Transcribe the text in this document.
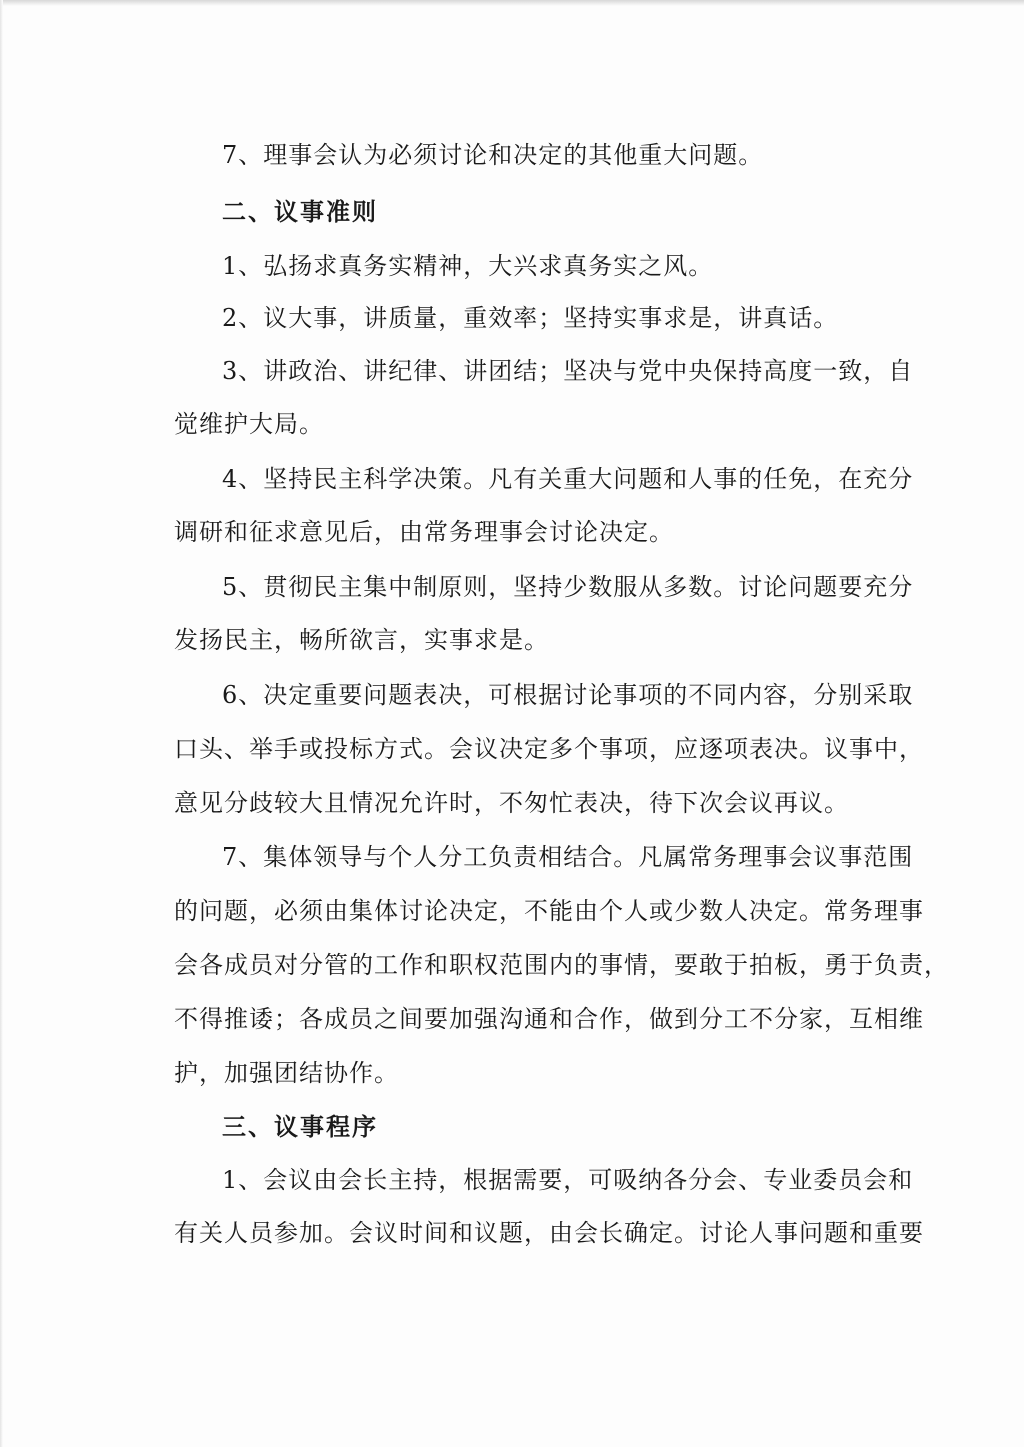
7、理事会认为必须讨论和决定的其他重大问题。
二、议事准则
1、弘扬求真务实精神，大兴求真务实之风。
2、议大事，讲质量，重效率；坚持实事求是，讲真话。
3、讲政治、讲纪律、讲团结；坚决与党中央保持高度一致，自
觉维护大局。
4、坚持民主科学决策。凡有关重大问题和人事的任免，在充分
调研和征求意见后，由常务理事会讨论决定。
5、贯彻民主集中制原则，坚持少数服从多数。讨论问题要充分
发扬民主，畅所欲言，实事求是。
6、决定重要问题表决，可根据讨论事项的不同内容，分别采取
口头、举手或投标方式。会议决定多个事项，应逐项表决。议事中，
意见分歧较大且情况允许时，不匆忙表决，待下次会议再议。
7、集体领导与个人分工负责相结合。凡属常务理事会议事范围
的问题，必须由集体讨论决定，不能由个人或少数人决定。常务理事
会各成员对分管的工作和职权范围内的事情，要敢于拍板，勇于负责，
不得推诿；各成员之间要加强沟通和合作，做到分工不分家，互相维
护，加强团结协作。
三、议事程序
1、会议由会长主持，根据需要，可吸纳各分会、专业委员会和
有关人员参加。会议时间和议题，由会长确定。讨论人事问题和重要
